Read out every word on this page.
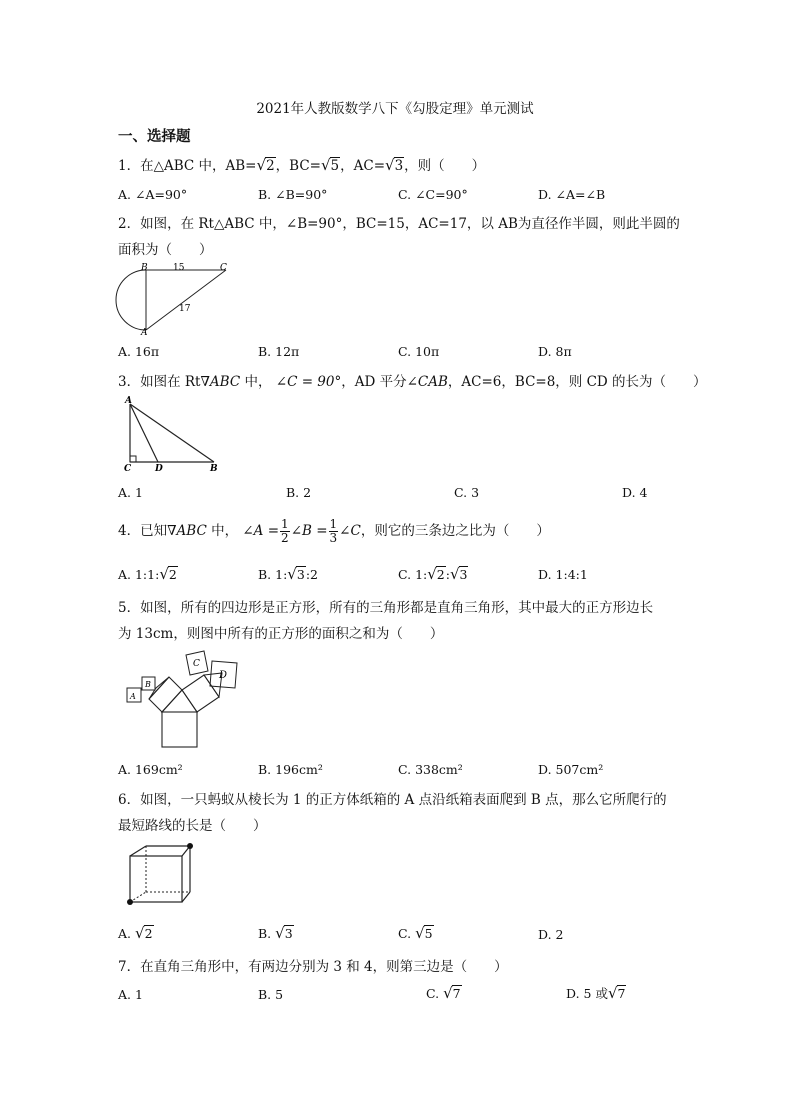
2021年人教版数学八下《勾股定理》单元测试
一、选择题
1．在△ABC 中，AB=√2，BC=√5，AC=√3，则（　　）
A. ∠A=90°	B. ∠B=90°	C. ∠C=90°	D. ∠A=∠B
2．如图，在 Rt△ABC 中，∠B=90°，BC=15，AC=17，以 AB为直径作半圆，则此半圆的
面积为（　　）
B	C
A
15
17
A. 16π	B. 12π	C. 10π	D. 8π
3．如图在 Rt∇ABC 中， ∠C = 90°，AD 平分∠CAB，AC=6，BC=8，则 CD 的长为（　　）
A
C	D	B
A. 1	B. 2	C. 3	D. 4
4．已知∇ABC 中， ∠A = $\frac{1}{2}$ ∠B = $\frac{1}{3}$ ∠C，则它的三条边之比为（　　）
A. 1:1:√2	B. 1:√3:2	C. 1:√2:√3	D. 1:4:1
5．如图，所有的四边形是正方形，所有的三角形都是直角三角形，其中最大的正方形边长
为 13cm，则图中所有的正方形的面积之和为（　　）
A
B
C
D
A. 169cm²	B. 196cm²	C. 338cm²	D. 507cm²
6．如图，一只蚂蚁从棱长为 1 的正方体纸箱的 A 点沿纸箱表面爬到 B 点，那么它所爬行的
最短路线的长是（　　）
A. √2	B. √3	C. √5	D. 2
7．在直角三角形中，有两边分别为 3 和 4，则第三边是（　　）
A. 1	B. 5	C. √7	D. 5 或√7
